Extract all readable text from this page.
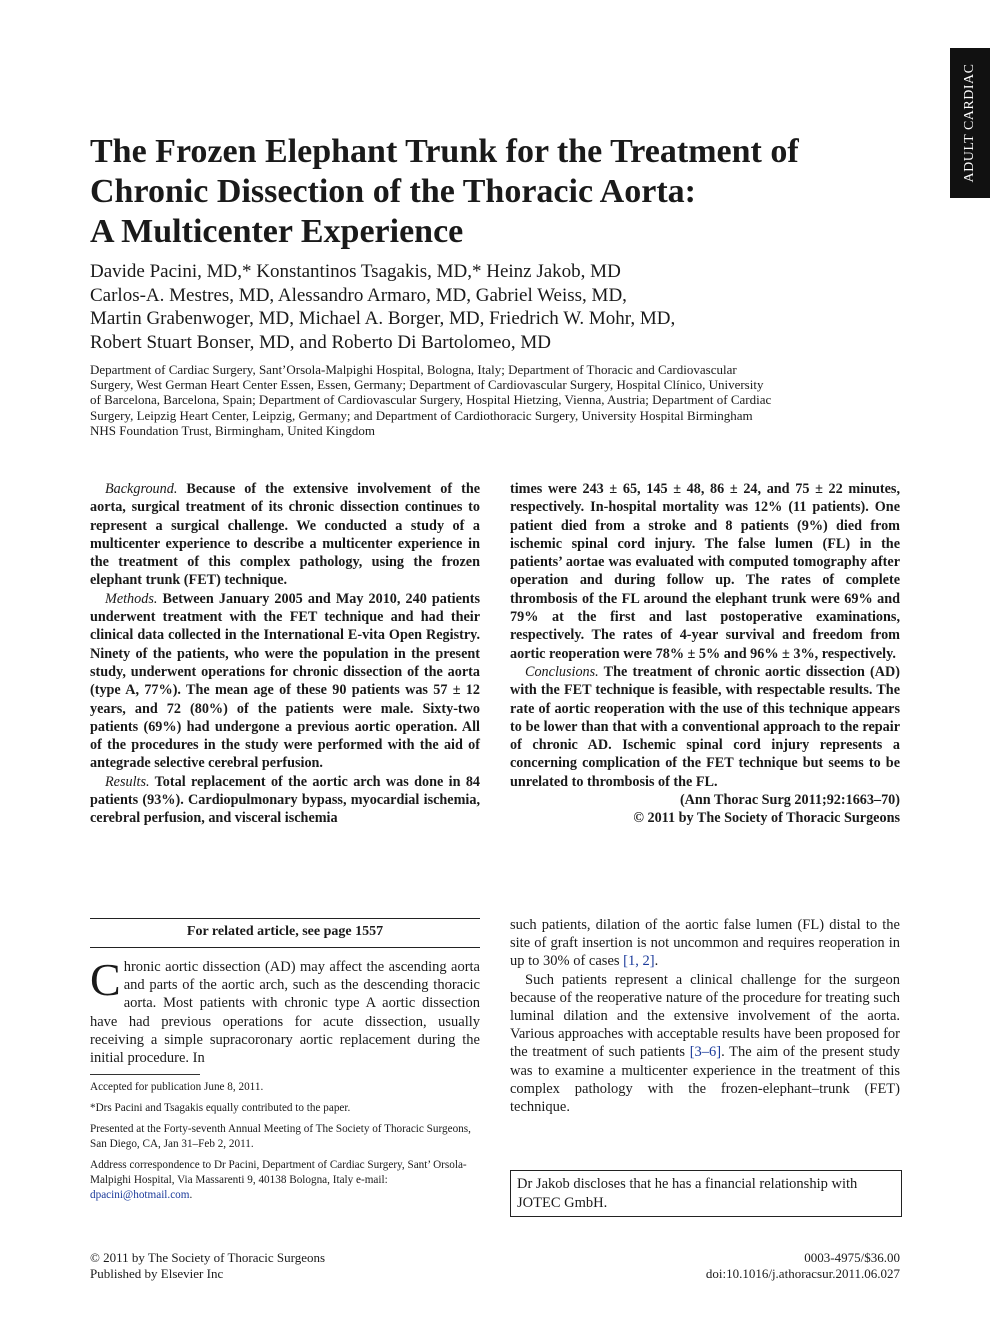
ADULT CARDIAC
The Frozen Elephant Trunk for the Treatment of
Chronic Dissection of the Thoracic Aorta:
A Multicenter Experience
Davide Pacini, MD,* Konstantinos Tsagakis, MD,* Heinz Jakob, MD
Carlos-A. Mestres, MD, Alessandro Armaro, MD, Gabriel Weiss, MD,
Martin Grabenwoger, MD, Michael A. Borger, MD, Friedrich W. Mohr, MD,
Robert Stuart Bonser, MD, and Roberto Di Bartolomeo, MD
Department of Cardiac Surgery, Sant’Orsola-Malpighi Hospital, Bologna, Italy; Department of Thoracic and Cardiovascular
Surgery, West German Heart Center Essen, Essen, Germany; Department of Cardiovascular Surgery, Hospital Clínico, University
of Barcelona, Barcelona, Spain; Department of Cardiovascular Surgery, Hospital Hietzing, Vienna, Austria; Department of Cardiac
Surgery, Leipzig Heart Center, Leipzig, Germany; and Department of Cardiothoracic Surgery, University Hospital Birmingham
NHS Foundation Trust, Birmingham, United Kingdom

Background. Because of the extensive involvement of the aorta, surgical treatment of its chronic dissection continues to represent a surgical challenge. We conducted a study of a multicenter experience to describe a multicenter experience in the treatment of this complex pathology, using the frozen elephant trunk (FET) technique.

Methods. Between January 2005 and May 2010, 240 patients underwent treatment with the FET technique and had their clinical data collected in the International E-vita Open Registry. Ninety of the patients, who were the population in the present study, underwent operations for chronic dissection of the aorta (type A, 77%). The mean age of these 90 patients was 57 ± 12 years, and 72 (80%) of the patients were male. Sixty-two patients (69%) had undergone a previous aortic operation. All of the procedures in the study were performed with the aid of antegrade selective cerebral perfusion.

Results. Total replacement of the aortic arch was done in 84 patients (93%). Cardiopulmonary bypass, myocardial ischemia, cerebral perfusion, and visceral ischemia

times were 243 ± 65, 145 ± 48, 86 ± 24, and 75 ± 22 minutes, respectively. In-hospital mortality was 12% (11 patients). One patient died from a stroke and 8 patients (9%) died from ischemic spinal cord injury. The false lumen (FL) in the patients’ aortae was evaluated with computed tomography after operation and during follow up. The rates of complete thrombosis of the FL around the elephant trunk were 69% and 79% at the first and last postoperative examinations, respectively. The rates of 4-year survival and freedom from aortic reoperation were 78% ± 5% and 96% ± 3%, respectively.

Conclusions. The treatment of chronic aortic dissection (AD) with the FET technique is feasible, with respectable results. The rate of aortic reoperation with the use of this technique appears to be lower than that with a conventional approach to the repair of chronic AD. Ischemic spinal cord injury represents a concerning complication of the FET technique but seems to be unrelated to thrombosis of the FL.

(Ann Thorac Surg 2011;92:1663–70)

© 2011 by The Society of Thoracic Surgeons

For related article, see page 1557

Chronic aortic dissection (AD) may affect the ascending aorta and parts of the aortic arch, such as the descending thoracic aorta. Most patients with chronic type A aortic dissection have had previous operations for acute dissection, usually receiving a simple supracoronary aortic replacement during the initial procedure. In

Accepted for publication June 8, 2011.

*Drs Pacini and Tsagakis equally contributed to the paper.

Presented at the Forty-seventh Annual Meeting of The Society of Thoracic Surgeons, San Diego, CA, Jan 31–Feb 2, 2011.

Address correspondence to Dr Pacini, Department of Cardiac Surgery, Sant’ Orsola-Malpighi Hospital, Via Massarenti 9, 40138 Bologna, Italy e-mail: dpacini@hotmail.com.

such patients, dilation of the aortic false lumen (FL) distal to the site of graft insertion is not uncommon and requires reoperation in up to 30% of cases [1, 2].

Such patients represent a clinical challenge for the surgeon because of the reoperative nature of the procedure for treating such luminal dilation and the extensive involvement of the aorta. Various approaches with acceptable results have been proposed for the treatment of such patients [3–6]. The aim of the present study was to examine a multicenter experience in the treatment of this complex pathology with the frozen-elephant–trunk (FET) technique.

Dr Jakob discloses that he has a financial relationship with JOTEC GmbH.
© 2011 by The Society of Thoracic Surgeons
Published by Elsevier Inc
0003-4975/$36.00
doi:10.1016/j.athoracsur.2011.06.027
